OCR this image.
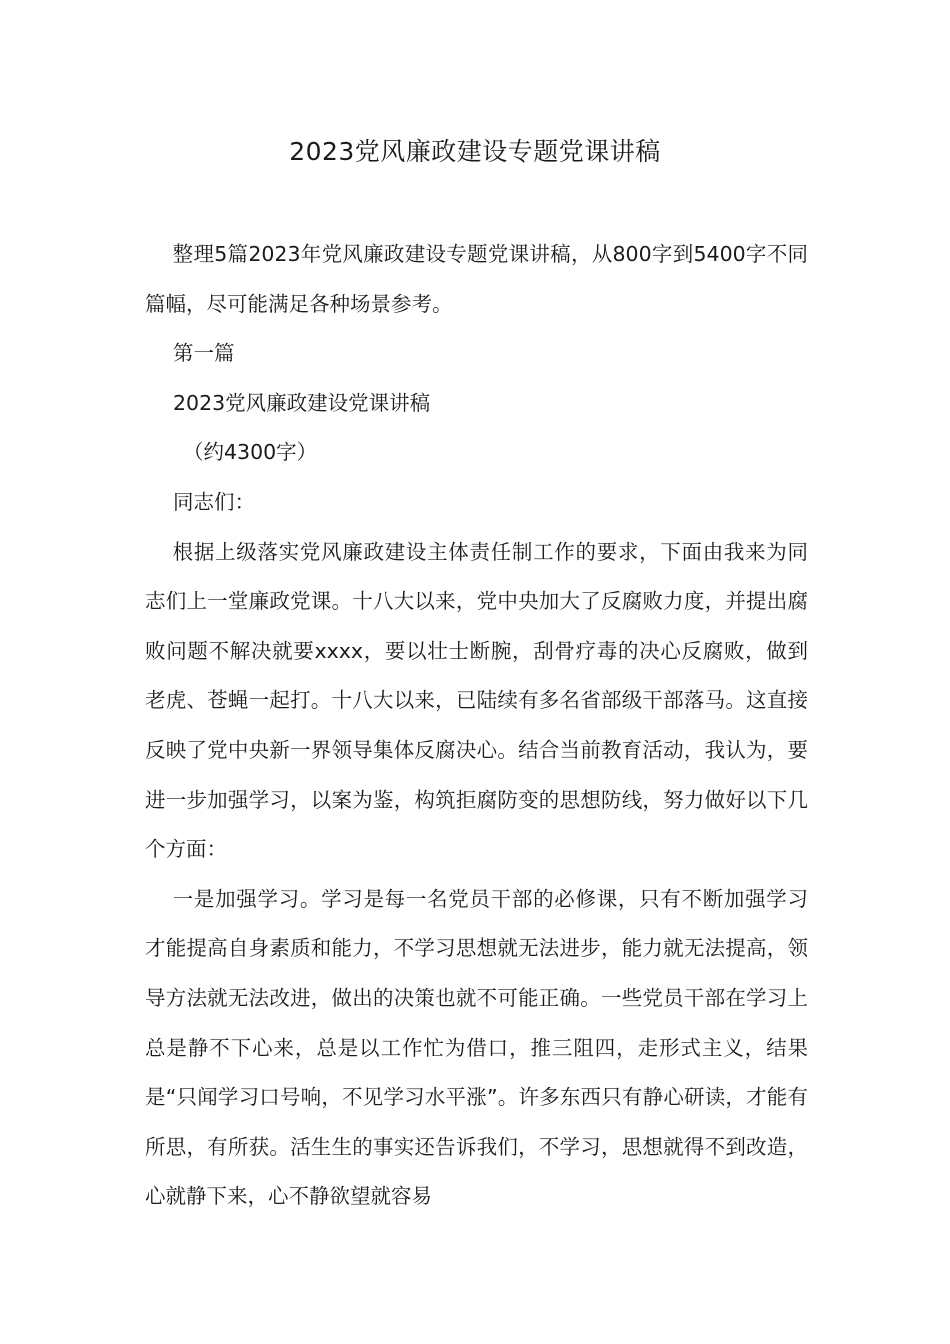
2023党风廉政建设专题党课讲稿

整理5篇2023年党风廉政建设专题党课讲稿，从800字到5400字不同篇幅，尽可能满足各种场景参考。

第一篇

2023党风廉政建设党课讲稿

（约4300字）

同志们：

根据上级落实党风廉政建设主体责任制工作的要求，下面由我来为同志们上一堂廉政党课。十八大以来，党中央加大了反腐败力度，并提出腐败问题不解决就要xxxx，要以壮士断腕，刮骨疗毒的决心反腐败，做到老虎、苍蝇一起打。十八大以来，已陆续有多名省部级干部落马。这直接反映了党中央新一界领导集体反腐决心。结合当前教育活动，我认为，要进一步加强学习，以案为鉴，构筑拒腐防变的思想防线，努力做好以下几个方面：

一是加强学习。学习是每一名党员干部的必修课，只有不断加强学习才能提高自身素质和能力，不学习思想就无法进步，能力就无法提高，领导方法就无法改进，做出的决策也就不可能正确。一些党员干部在学习上总是静不下心来，总是以工作忙为借口，推三阻四，走形式主义，结果是“只闻学习口号响，不见学习水平涨”。许多东西只有静心研读，才能有所思，有所获。活生生的事实还告诉我们，不学习，思想就得不到改造，心就静下来，心不静欲望就容易
